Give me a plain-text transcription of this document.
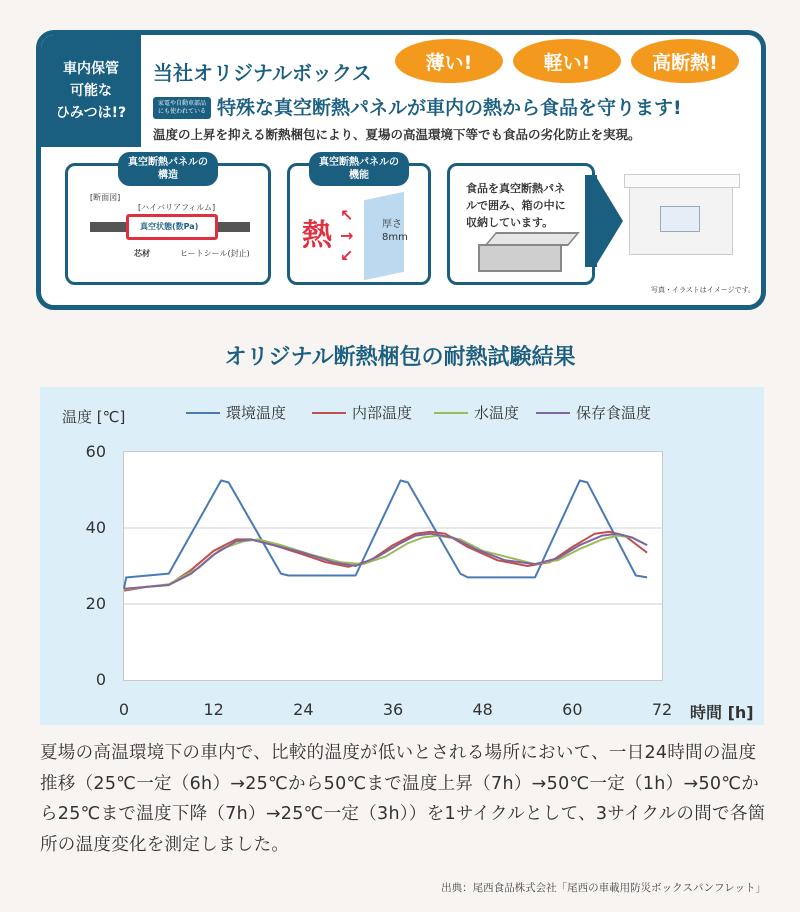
車内保管
可能な
ひみつは!?
当社オリジナルボックス	薄い!	軽い!	高断熱!
家電や自動車部品にも使われている 特殊な真空断熱パネルが車内の熱から食品を守ります!
温度の上昇を抑える断熱梱包により、夏場の高温環境下等でも食品の劣化防止を実現。
真空断熱パネルの
構造
[断面図]
[ハイバリアフィルム]
真空状態(数Pa)
芯材	ヒートシール(封止)
真空断熱パネルの
機能
熱
↖
→
↙
厚さ
8mm
食品を真空断熱パネ
ルで囲み、箱の中に
収納しています。
写真・イラストはイメージです。
オリジナル断熱梱包の耐熱試験結果
温度 [℃]	環境温度	内部温度	水温度	保存食温度
時間 [h]
夏場の高温環境下の車内で、比較的温度が低いとされる場所において、一日24時間の温度推移（25℃一定（6h）→25℃から50℃まで温度上昇（7h）→50℃一定（1h）→50℃から25℃まで温度下降（7h）→25℃一定（3h））を1サイクルとして、3サイクルの間で各箇所の温度変化を測定しました。
出典：尾西食品株式会社「尾西の車載用防災ボックスパンフレット」
0
20
40
60
0	12	24	36	48	60	72
